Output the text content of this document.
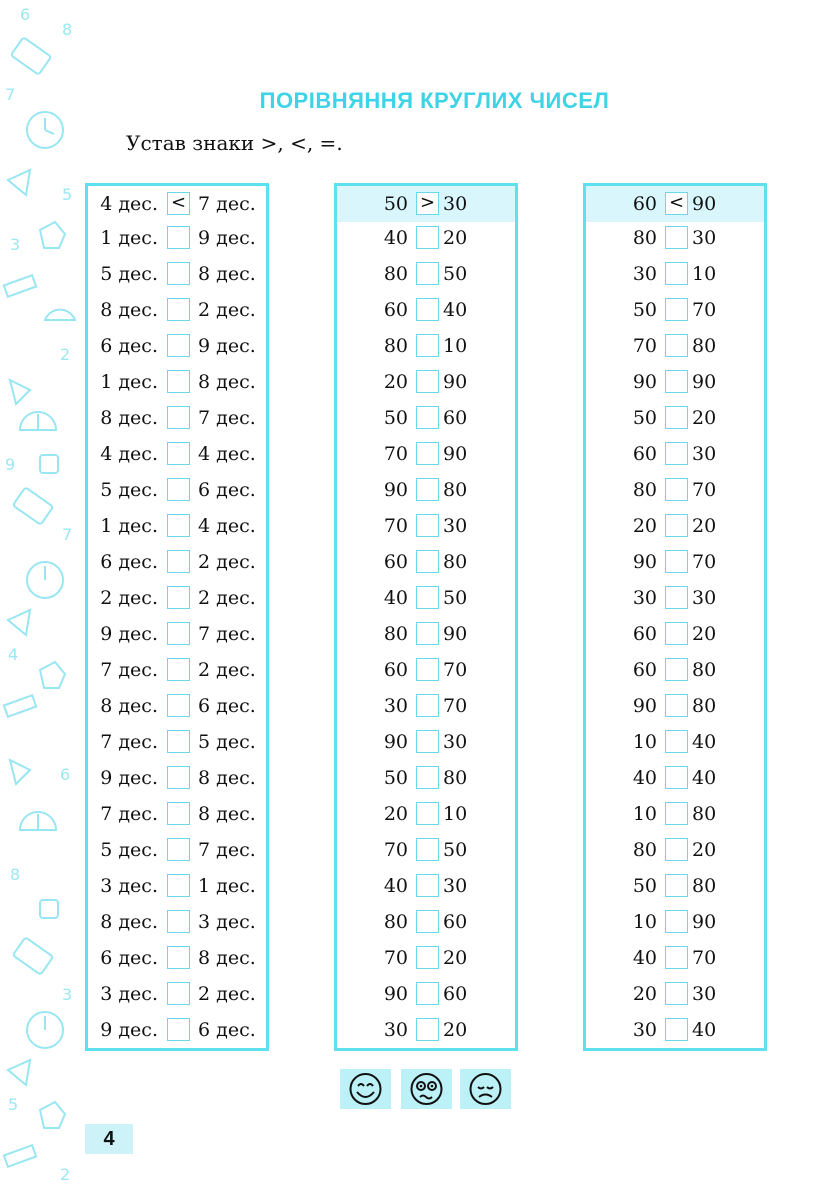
6
8
7
5
3
2
9
7
4
6
8
3
5
2
ПОРІВНЯННЯ КРУГЛИХ ЧИСЕЛ
Устав знаки >, <, =.
4 дес. < 7 дес.
1 дес. 9 дес.
5 дес. 8 дес.
8 дес. 2 дес.
6 дес. 9 дес.
1 дес. 8 дес.
8 дес. 7 дес.
4 дес. 4 дес.
5 дес. 6 дес.
1 дес. 4 дес.
6 дес. 2 дес.
2 дес. 2 дес.
9 дес. 7 дес.
7 дес. 2 дес.
8 дес. 6 дес.
7 дес. 5 дес.
9 дес. 8 дес.
7 дес. 8 дес.
5 дес. 7 дес.
3 дес. 1 дес.
8 дес. 3 дес.
6 дес. 8 дес.
3 дес. 2 дес.
9 дес. 6 дес.
50 > 30
40 20
80 50
60 40
80 10
20 90
50 60
70 90
90 80
70 30
60 80
40 50
80 90
60 70
30 70
90 30
50 80
20 10
70 50
40 30
80 60
70 20
90 60
30 20
60 < 90
80 30
30 10
50 70
70 80
90 90
50 20
60 30
80 70
20 20
90 70
30 30
60 20
60 80
90 80
10 40
40 40
10 80
80 20
50 80
10 90
40 70
20 30
30 40
4
